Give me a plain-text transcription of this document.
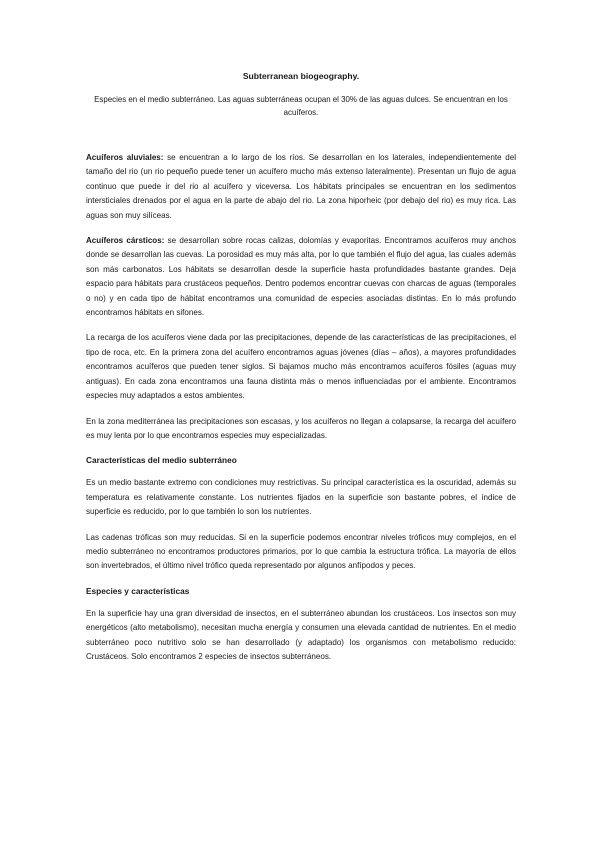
Subterranean biogeography.
Especies en el medio subterráneo. Las aguas subterráneas ocupan el 30% de las aguas dulces. Se encuentran en los acuíferos.

Acuíferos aluviales: se encuentran a lo largo de los ríos. Se desarrollan en los laterales, independientemente del tamaño del rio (un rio pequeño puede tener un acuífero mucho más extenso lateralmente). Presentan un flujo de agua continuo que puede ir del rio al acuífero y viceversa. Los hábitats principales se encuentran en los sedimentos intersticiales drenados por el agua en la parte de abajo del rio. La zona hiporheic (por debajo del rio) es muy rica. Las aguas son muy silíceas.

Acuíferos cársticos: se desarrollan sobre rocas calizas, dolomías y evaporitas. Encontramos acuíferos muy anchos donde se desarrollan las cuevas. La porosidad es muy más alta, por lo que también el flujo del agua, las cuales además son más carbonatos. Los hábitats se desarrollan desde la superficie hasta profundidades bastante grandes. Deja espacio para hábitats para crustáceos pequeños. Dentro podemos encontrar cuevas con charcas de aguas (temporales o no) y en cada tipo de hábitat encontramos una comunidad de especies asociadas distintas. En lo más profundo encontramos hábitats en sifones.

La recarga de los acuíferos viene dada por las precipitaciones, depende de las características de las precipitaciones, el tipo de roca, etc. En la primera zona del acuífero encontramos aguas jóvenes (días – años), a mayores profundidades encontramos acuíferos que pueden tener siglos. Si bajamos mucho más encontramos acuíferos fósiles (aguas muy antiguas). En cada zona encontramos una fauna distinta más o menos influenciadas por el ambiente. Encontramos especies muy adaptados a estos ambientes.

En la zona mediterránea las precipitaciones son escasas, y los acuíferos no llegan a colapsarse, la recarga del acuífero es muy lenta por lo que encontramos especies muy especializadas.

Características del medio subterráneo

Es un medio bastante extremo con condiciones muy restrictivas. Su principal característica es la oscuridad, además su temperatura es relativamente constante. Los nutrientes fijados en la superficie son bastante pobres, el índice de superficie es reducido, por lo que también lo son los nutrientes.

Las cadenas tróficas son muy reducidas. Si en la superficie podemos encontrar niveles tróficos muy complejos, en el medio subterráneo no encontramos productores primarios, por lo que cambia la estructura trófica. La mayoría de ellos son invertebrados, el último nivel trófico queda representado por algunos anfípodos y peces.

Especies y características

En la superficie hay una gran diversidad de insectos, en el subterráneo abundan los crustáceos. Los insectos son muy energéticos (alto metabolismo), necesitan mucha energía y consumen una elevada cantidad de nutrientes. En el medio subterráneo poco nutritivo solo se han desarrollado (y adaptado) los organismos con metabolismo reducido: Crustáceos. Solo encontramos 2 especies de insectos subterráneos.
